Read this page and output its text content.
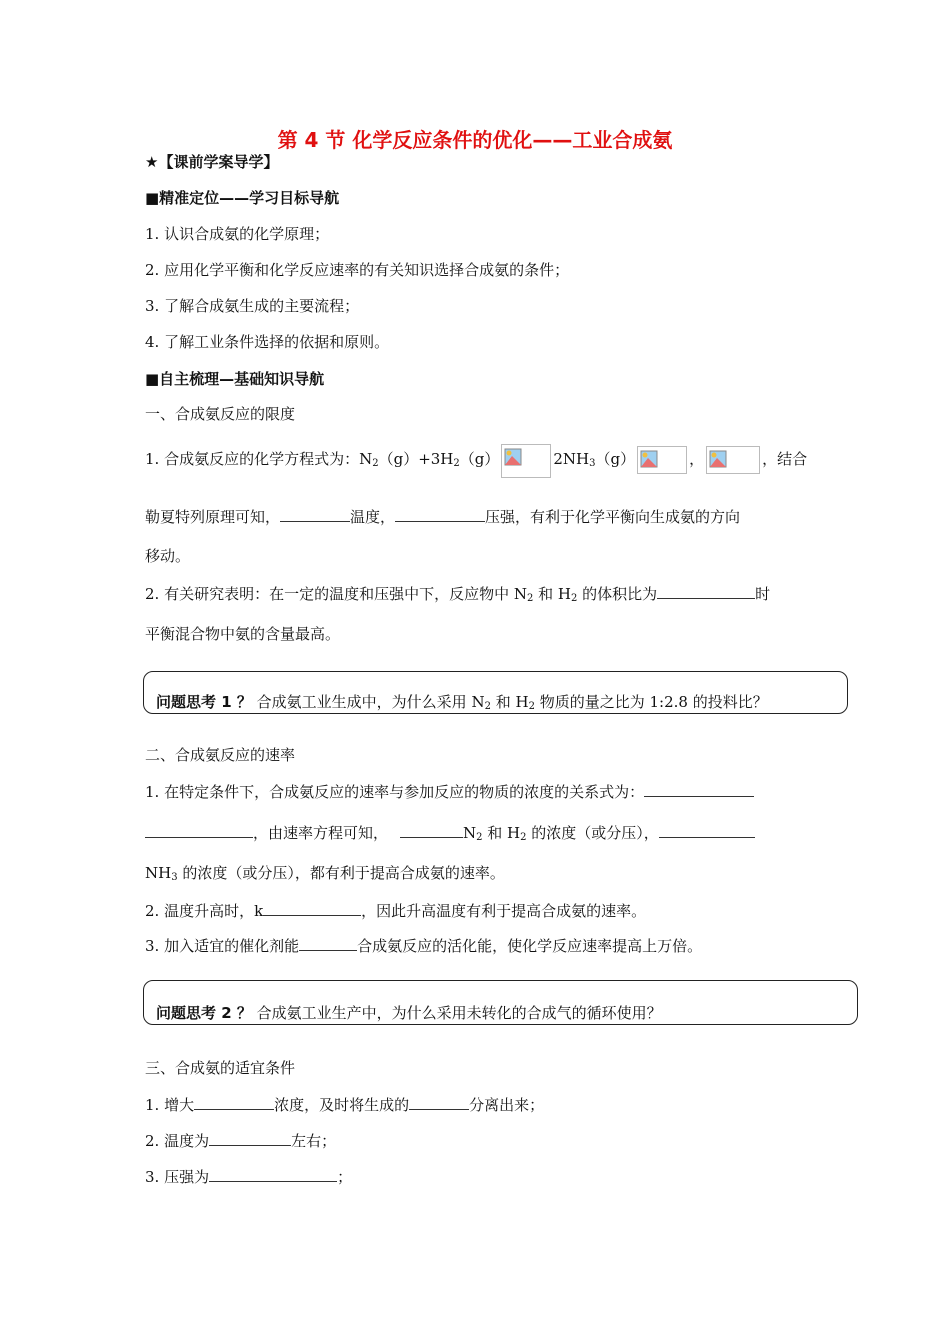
第 4 节 化学反应条件的优化——工业合成氨
★【课前学案导学】
■精准定位——学习目标导航
1. 认识合成氨的化学原理；
2. 应用化学平衡和化学反应速率的有关知识选择合成氨的条件；
3. 了解合成氨生成的主要流程；
4. 了解工业条件选择的依据和原则。
■自主梳理—基础知识导航
一、合成氨反应的限度
1. 合成氨反应的化学方程式为：$N_2(g)+3H_2(g)$	$2NH_3(g)$	，	，结合
勒夏特列原理可知，	温度，	压强，有利于化学平衡向生成氨的方向
移动。
2. 有关研究表明：在一定的温度和压强中下，反应物中 $N_2$ 和 $H_2$ 的体积比为	时
平衡混合物中氨的含量最高。
问题思考 1 ？ 合成氨工业生成中，为什么采用 $N_2$ 和 $H_2$ 物质的量之比为 1:2.8 的投料比？
二、合成氨反应的速率
1. 在特定条件下，合成氨反应的速率与参加反应的物质的浓度的关系式为：
，由速率方程可知，	$N_2$ 和 $H_2$ 的浓度（或分压），
$NH_3$ 的浓度（或分压），都有利于提高合成氨的速率。
2. 温度升高时，k	，因此升高温度有利于提高合成氨的速率。
3. 加入适宜的催化剂能	合成氨反应的活化能，使化学反应速率提高上万倍。
问题思考 2 ？ 合成氨工业生产中，为什么采用未转化的合成气的循环使用？
三、合成氨的适宜条件
1. 增大	浓度，及时将生成的	分离出来；
2. 温度为	左右；
3. 压强为	；
